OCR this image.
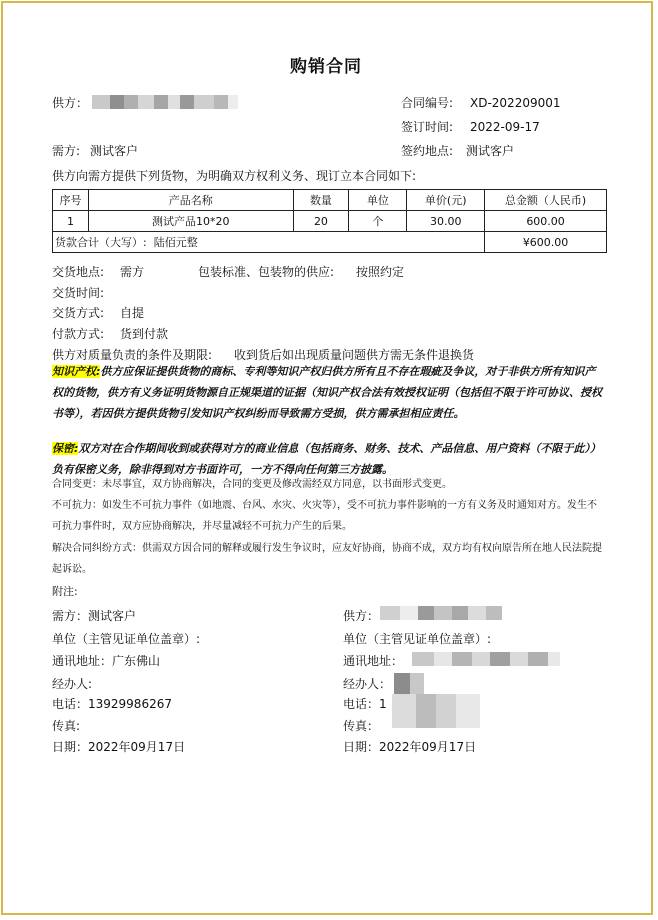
购销合同
供方：	合同编号: XD-202209001
签订时间: 2022-09-17
需方: 测试客户	签约地点: 测试客户
供方向需方提供下列货物，为明确双方权利义务、现订立本合同如下:
序号	产品名称	数量	单位	单价(元)	总金额（人民币)
1	测试产品10*20	20	个	30.00	600.00
货款合计（大写）: 陆佰元整					¥600.00
交货地点: 需方	包装标准、包装物的供应: 按照约定
交货时间:
交货方式: 自提
付款方式: 货到付款
供方对质量负责的条件及期限: 收到货后如出现质量问题供方需无条件退换货
知识产权:供方应保证提供货物的商标、专利等知识产权归供方所有且不存在瑕疵及争议，对于非供方所有知识产权的货物，供方有义务证明货物源自正规渠道的证据（知识产权合法有效授权证明（包括但不限于许可协议、授权书等），若因供方提供货物引发知识产权纠纷而导致需方受损，供方需承担相应责任。
保密:双方对在合作期间收到或获得对方的商业信息（包括商务、财务、技术、产品信息、用户资料（不限于此））负有保密义务，除非得到对方书面许可，一方不得向任何第三方披露。
合同变更：未尽事宜，双方协商解决，合同的变更及修改需经双方同意，以书面形式变更。
不可抗力：如发生不可抗力事件（如地震、台风、水灾、火灾等），受不可抗力事件影响的一方有义务及时通知对方。发生不可抗力事件时，双方应协商解决，并尽量减轻不可抗力产生的后果。
解决合同纠纷方式：供需双方因合同的解释或履行发生争议时，应友好协商，协商不成，双方均有权向原告所在地人民法院提起诉讼。
附注:
需方：测试客户
单位（主管见证单位盖章）:
通讯地址：广东佛山
经办人:
电话：13929986267
传真:
日期：2022年09月17日
供方：
单位（主管见证单位盖章）:
通讯地址：
经办人：
电话：1
传真：
日期：2022年09月17日
